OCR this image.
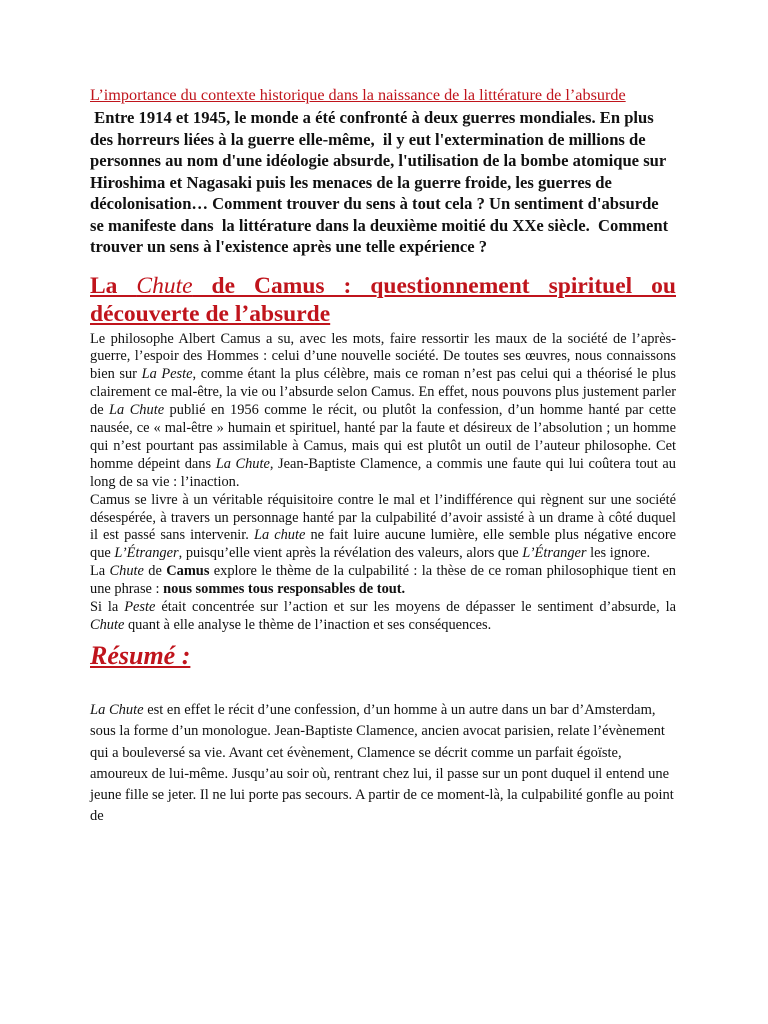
L’importance du contexte historique dans la naissance de la littérature de l’absurde
Entre 1914 et 1945, le monde a été confronté à deux guerres mondiales. En plus des horreurs liées à la guerre elle-même,  il y eut l'extermination de millions de personnes au nom d'une idéologie absurde, l'utilisation de la bombe atomique sur Hiroshima et Nagasaki puis les menaces de la guerre froide, les guerres de décolonisation… Comment trouver du sens à tout cela ? Un sentiment d'absurde se manifeste dans  la littérature dans la deuxième moitié du XXe siècle.  Comment trouver un sens à l'existence après une telle expérience ?
La Chute de Camus : questionnement spirituel ou découverte de l’absurde

Le philosophe Albert Camus a su, avec les mots, faire ressortir les maux de la société de l’après-guerre, l’espoir des Hommes : celui d’une nouvelle société. De toutes ses œuvres, nous connaissons bien sur La Peste, comme étant la plus célèbre, mais ce roman n’est pas celui qui a théorisé le plus clairement ce mal-être, la vie ou l’absurde selon Camus. En effet, nous pouvons plus justement parler de La Chute publié en 1956 comme le récit, ou plutôt la confession, d’un homme hanté par cette nausée, ce « mal-être » humain et spirituel, hanté par la faute et désireux de l’absolution ; un homme qui n’est pourtant pas assimilable à Camus, mais qui est plutôt un outil de l’auteur philosophe. Cet homme dépeint dans La Chute, Jean-Baptiste Clamence, a commis une faute qui lui coûtera tout au long de sa vie : l’inaction.

Camus se livre à un véritable réquisitoire contre le mal et l’indifférence qui règnent sur une société désespérée, à travers un personnage hanté par la culpabilité d’avoir assisté à un drame à côté duquel il est passé sans intervenir. La chute ne fait luire aucune lumière, elle semble plus négative encore que L’Étranger, puisqu’elle vient après la révélation des valeurs, alors que L’Étranger les ignore.

La Chute de Camus explore le thème de la culpabilité : la thèse de ce roman philosophique tient en une phrase : nous sommes tous responsables de tout.

Si la Peste était concentrée sur l’action et sur les moyens de dépasser le sentiment d’absurde, la Chute quant à elle analyse le thème de l’inaction et ses conséquences.

Résumé :
La Chute est en effet le récit d’une confession, d’un homme à un autre dans un bar d’Amsterdam, sous la forme d’un monologue. Jean-Baptiste Clamence, ancien avocat parisien, relate l’évènement qui a bouleversé sa vie. Avant cet évènement, Clamence se décrit comme un parfait égoïste, amoureux de lui-même. Jusqu’au soir où, rentrant chez lui, il passe sur un pont duquel il entend une jeune fille se jeter. Il ne lui porte pas secours. A partir de ce moment-là, la culpabilité gonfle au point de
